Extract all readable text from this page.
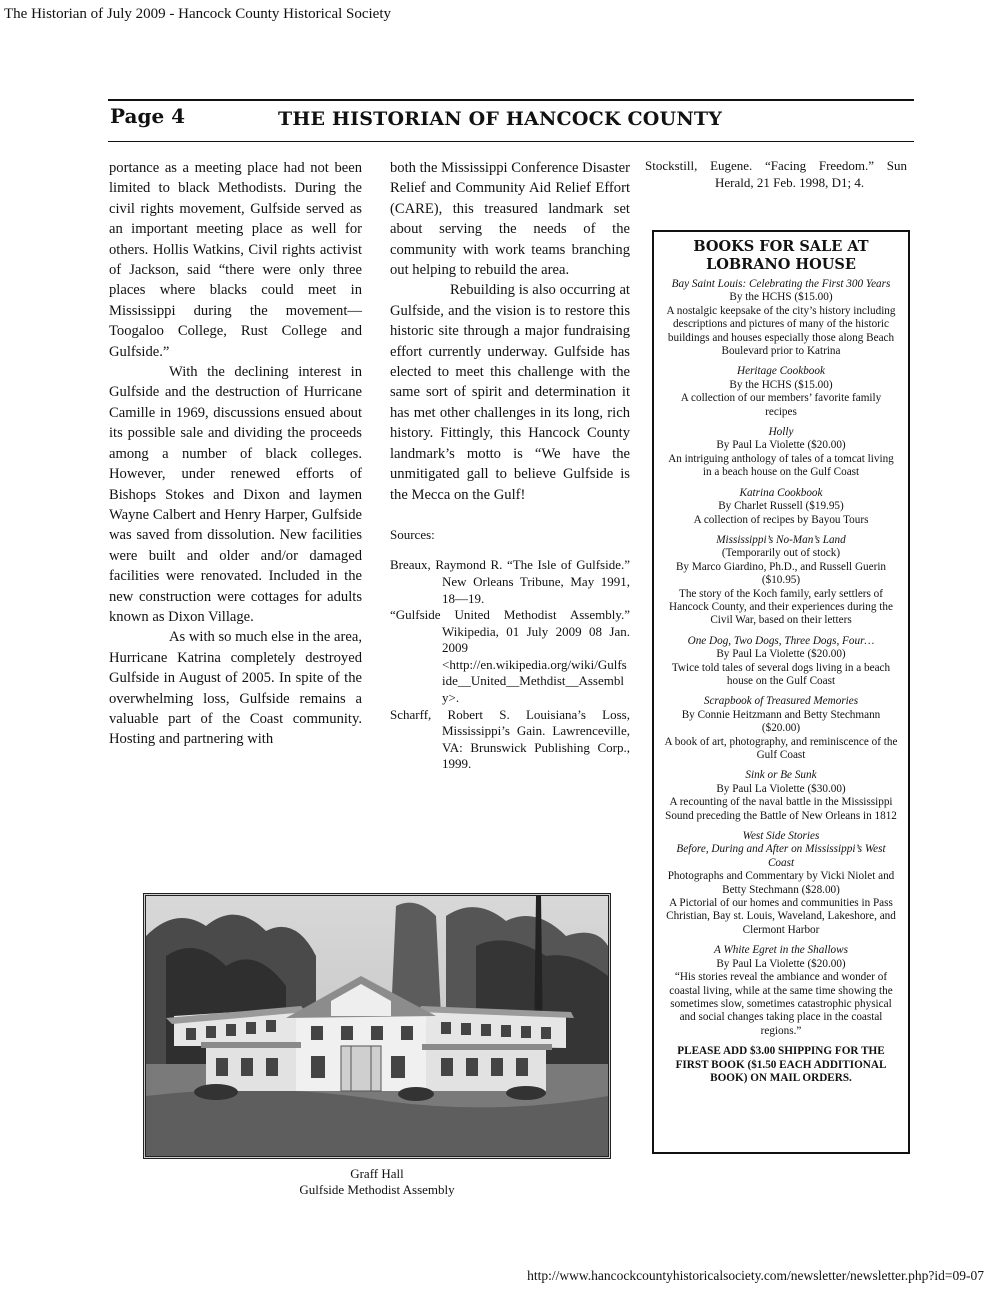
The Historian of July 2009 - Hancock County Historical Society
Page 4	THE HISTORIAN OF HANCOCK COUNTY

portance as a meeting place had not been limited to black Methodists. During the civil rights movement, Gulfside served as an important meeting place as well for others. Hollis Watkins, Civil rights activist of Jackson, said “there were only three places where blacks could meet in Mississippi during the movement—Toogaloo College, Rust College and Gulfside.”

With the declining interest in Gulfside and the destruction of Hurricane Camille in 1969, discussions ensued about its possible sale and dividing the proceeds among a number of black colleges. However, under renewed efforts of Bishops Stokes and Dixon and laymen Wayne Calbert and Henry Harper, Gulfside was saved from dissolution. New facilities were built and older and/or damaged facilities were renovated. Included in the new construction were cottages for adults known as Dixon Village.

As with so much else in the area, Hurricane Katrina completely destroyed Gulfside in August of 2005. In spite of the overwhelming loss, Gulfside remains a valuable part of the Coast community. Hosting and partnering with

both the Mississippi Conference Disaster Relief and Community Aid Relief Effort (CARE), this treasured landmark set about serving the needs of the community with work teams branching out helping to rebuild the area.

Rebuilding is also occurring at Gulfside, and the vision is to restore this historic site through a major fundraising effort currently underway. Gulfside has elected to meet this challenge with the same sort of spirit and determination it has met other challenges in its long, rich history. Fittingly, this Hancock County landmark’s motto is “We have the unmitigated gall to believe Gulfside is the Mecca on the Gulf!

Sources:

Breaux, Raymond R. “The Isle of Gulfside.” New Orleans Tribune, May 1991, 18—19.

“Gulfside United Methodist Assembly.” Wikipedia, 01 July 2009 08 Jan. 2009 <http://en.wikipedia.org/wiki/Gulfside__United__Methdist__Assembly>.

Scharff, Robert S. Louisiana’s Loss, Mississippi’s Gain. Lawrenceville, VA: Brunswick Publishing Corp., 1999.

Stockstill, Eugene. “Facing Freedom.” Sun Herald, 21 Feb. 1998, D1; 4.

BOOKS FOR SALE AT
LOBRANO HOUSE
Bay Saint Louis: Celebrating the First 300 Years
By the HCHS ($15.00)
A nostalgic keepsake of the city’s history including descriptions and pictures of many of the historic buildings and houses especially those along Beach Boulevard prior to Katrina
Heritage Cookbook
By the HCHS ($15.00)
A collection of our members’ favorite family recipes
Holly
By Paul La Violette ($20.00)
An intriguing anthology of tales of a tomcat living in a beach house on the Gulf Coast
Katrina Cookbook
By Charlet Russell ($19.95)
A collection of recipes by Bayou Tours
Mississippi’s No-Man’s Land
(Temporarily out of stock)
By Marco Giardino, Ph.D., and Russell Guerin ($10.95)
The story of the Koch family, early settlers of Hancock County, and their experiences during the Civil War, based on their letters
One Dog, Two Dogs, Three Dogs, Four…
By Paul La Violette ($20.00)
Twice told tales of several dogs living in a beach house on the Gulf Coast
Scrapbook of Treasured Memories
By Connie Heitzmann and Betty Stechmann ($20.00)
A book of art, photography, and reminiscence of the Gulf Coast
Sink or Be Sunk
By Paul La Violette ($30.00)
A recounting of the naval battle in the Mississippi Sound preceding the Battle of New Orleans in 1812
West Side Stories
Before, During and After on Mississippi’s West Coast
Photographs and Commentary by Vicki Niolet and Betty Stechmann ($28.00)
A Pictorial of our homes and communities in Pass Christian, Bay st. Louis, Waveland, Lakeshore, and Clermont Harbor
A White Egret in the Shallows
By Paul La Violette ($20.00)
“His stories reveal the ambiance and wonder of coastal living, while at the same time showing the sometimes slow, sometimes catastrophic physical and social changes taking place in the coastal regions.”
PLEASE ADD $3.00 SHIPPING FOR THE FIRST BOOK ($1.50 EACH ADDITIONAL BOOK) ON MAIL ORDERS.
Graff Hall
Gulfside Methodist Assembly
http://www.hancockcountyhistoricalsociety.com/newsletter/newsletter.php?id=09-07
